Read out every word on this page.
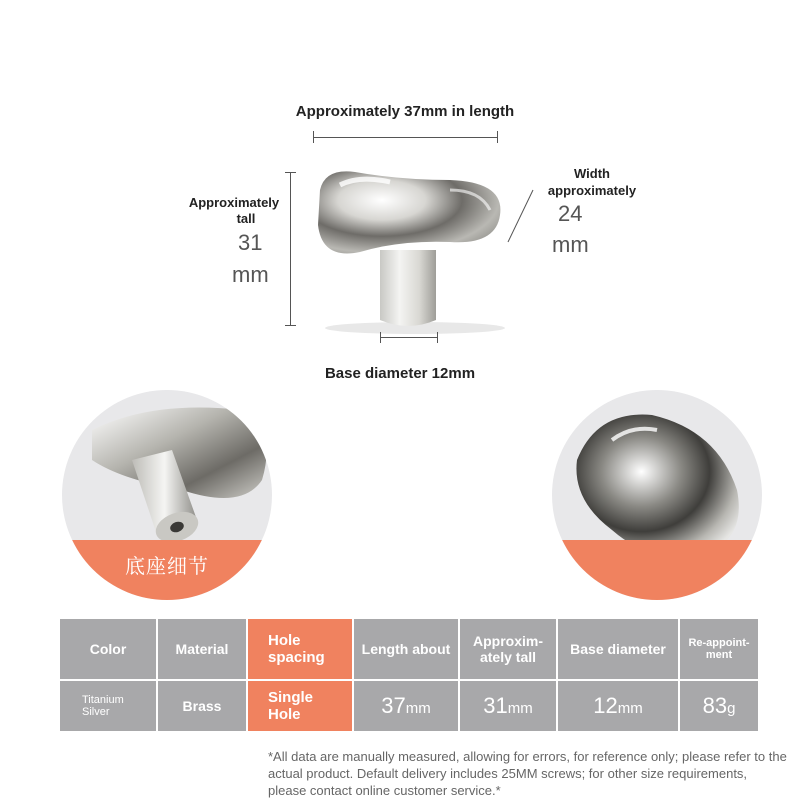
Approximately 37mm in length
Approximately
tall
31
mm
Width
approximately
24
mm
Base diameter 12mm
底座细节
Color	Material	Hole spacing	Length about	Approxim-ately tall	Base diameter	Re-appoint-ment
Titanium Silver	Brass	Single Hole	37mm	31mm	12mm	83g
*All data are manually measured, allowing for errors, for reference only; please refer to the actual product. Default delivery includes 25MM screws; for other size requirements, please contact online customer service.*
